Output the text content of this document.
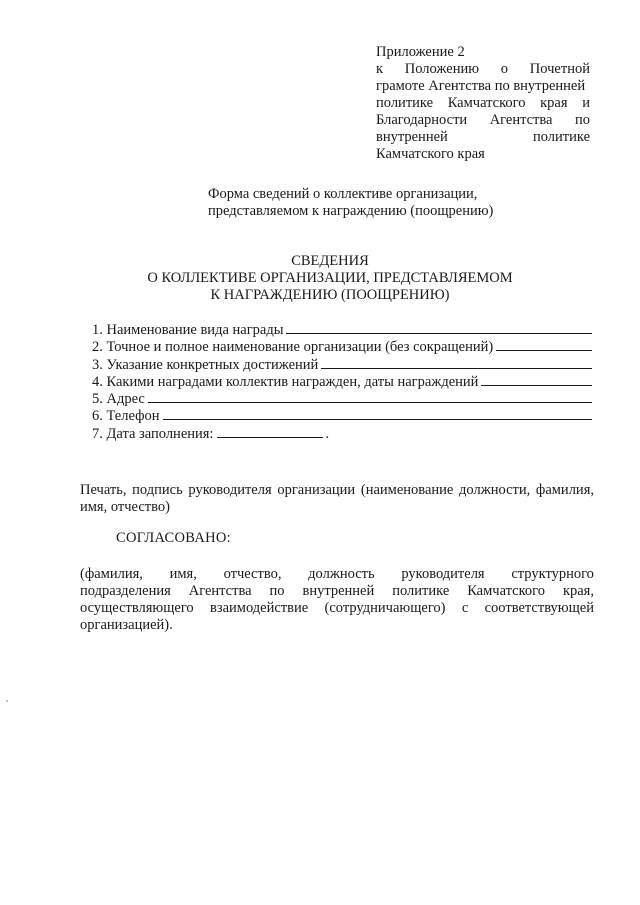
Приложение 2
к Положению о Почетной
грамоте Агентства по внутренней
политике Камчатского края и
Благодарности Агентства по
внутренней	политике
Камчатского края
Форма сведений о коллективе организации,
представляемом к награждению (поощрению)
СВЕДЕНИЯ
О КОЛЛЕКТИВЕ ОРГАНИЗАЦИИ, ПРЕДСТАВЛЯЕМОМ
К НАГРАЖДЕНИЮ (ПООЩРЕНИЮ)
1. Наименование вида награды
2. Точное и полное наименование организации (без сокращений)
3. Указание конкретных достижений
4. Какими наградами коллектив награжден, даты награждений
5. Адрес
6. Телефон
7. Дата заполнения:	.
Печать, подпись руководителя организации (наименование должности, фамилия, имя, отчество)
СОГЛАСОВАНО:
(фамилия, имя, отчество, должность руководителя структурного
подразделения Агентства по внутренней политике Камчатского края,
осуществляющего взаимодействие (сотрудничающего) с соответствующей
организацией).
